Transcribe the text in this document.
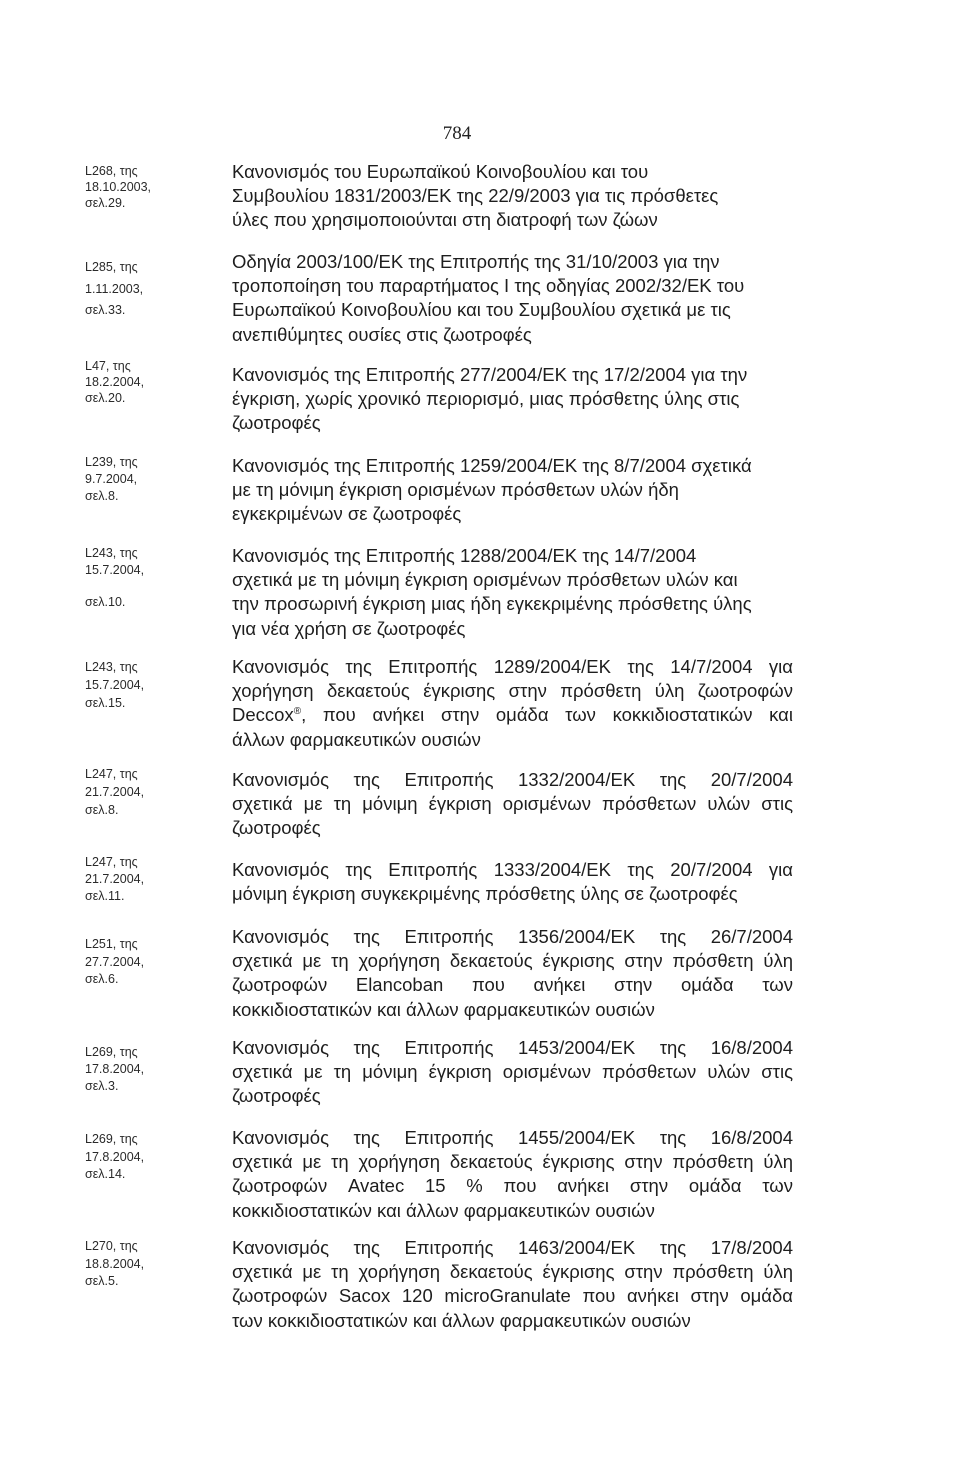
784
L268, της
18.10.2003,
σελ.29.
Κανονισμός του Ευρωπαϊκού Κοινοβουλίου και του
Συμβουλίου 1831/2003/ΕΚ της 22/9/2003 για τις πρόσθετες
ύλες που χρησιμοποιούνται στη διατροφή των ζώων
L285, της
1.11.2003,
σελ.33.
Οδηγία 2003/100/ΕΚ της Επιτροπής της 31/10/2003 για την
τροποποίηση του παραρτήματος Ι της οδηγίας 2002/32/ΕΚ του
Ευρωπαϊκού Κοινοβουλίου και του Συμβουλίου σχετικά με τις
ανεπιθύμητες ουσίες στις ζωοτροφές
L47, της
18.2.2004,
σελ.20.
Κανονισμός της Επιτροπής 277/2004/ΕΚ της 17/2/2004 για την
έγκριση, χωρίς χρονικό περιορισμό, μιας πρόσθετης ύλης στις
ζωοτροφές
L239, της
9.7.2004,
σελ.8.
Κανονισμός της Επιτροπής 1259/2004/ΕΚ της 8/7/2004 σχετικά
με τη μόνιμη έγκριση ορισμένων πρόσθετων υλών ήδη
εγκεκριμένων σε ζωοτροφές
L243, της
15.7.2004,
σελ.10.
Κανονισμός της Επιτροπής 1288/2004/ΕΚ της 14/7/2004
σχετικά με τη μόνιμη έγκριση ορισμένων πρόσθετων υλών και
την προσωρινή έγκριση μιας ήδη εγκεκριμένης πρόσθετης ύλης
για νέα χρήση σε ζωοτροφές
L243, της
15.7.2004,
σελ.15.
Κανονισμός της Επιτροπής 1289/2004/ΕΚ της 14/7/2004 για
χορήγηση δεκαετούς έγκρισης στην πρόσθετη ύλη ζωοτροφών
Deccox®, που ανήκει στην ομάδα των κοκκιδιοστατικών και
άλλων φαρμακευτικών ουσιών
L247, της
21.7.2004,
σελ.8.
Κανονισμός της Επιτροπής 1332/2004/ΕΚ της 20/7/2004
σχετικά με τη μόνιμη έγκριση ορισμένων πρόσθετων υλών στις
ζωοτροφές
L247, της
21.7.2004,
σελ.11.
Κανονισμός της Επιτροπής 1333/2004/ΕΚ της 20/7/2004 για
μόνιμη έγκριση συγκεκριμένης πρόσθετης ύλης σε ζωοτροφές
L251, της
27.7.2004,
σελ.6.
Κανονισμός της Επιτροπής 1356/2004/ΕΚ της 26/7/2004
σχετικά με τη χορήγηση δεκαετούς έγκρισης στην πρόσθετη ύλη
ζωοτροφών Elancoban που ανήκει στην ομάδα των
κοκκιδιοστατικών και άλλων φαρμακευτικών ουσιών
L269, της
17.8.2004,
σελ.3.
Κανονισμός της Επιτροπής 1453/2004/ΕΚ της 16/8/2004
σχετικά με τη μόνιμη έγκριση ορισμένων πρόσθετων υλών στις
ζωοτροφές
L269, της
17.8.2004,
σελ.14.
Κανονισμός της Επιτροπής 1455/2004/ΕΚ της 16/8/2004
σχετικά με τη χορήγηση δεκαετούς έγκρισης στην πρόσθετη ύλη
ζωοτροφών Avatec 15 % που ανήκει στην ομάδα των
κοκκιδιοστατικών και άλλων φαρμακευτικών ουσιών
L270, της
18.8.2004,
σελ.5.
Κανονισμός της Επιτροπής 1463/2004/ΕΚ της 17/8/2004
σχετικά με τη χορήγηση δεκαετούς έγκρισης στην πρόσθετη ύλη
ζωοτροφών Sacox 120 microGranulate που ανήκει στην ομάδα
των κοκκιδιοστατικών και άλλων φαρμακευτικών ουσιών
